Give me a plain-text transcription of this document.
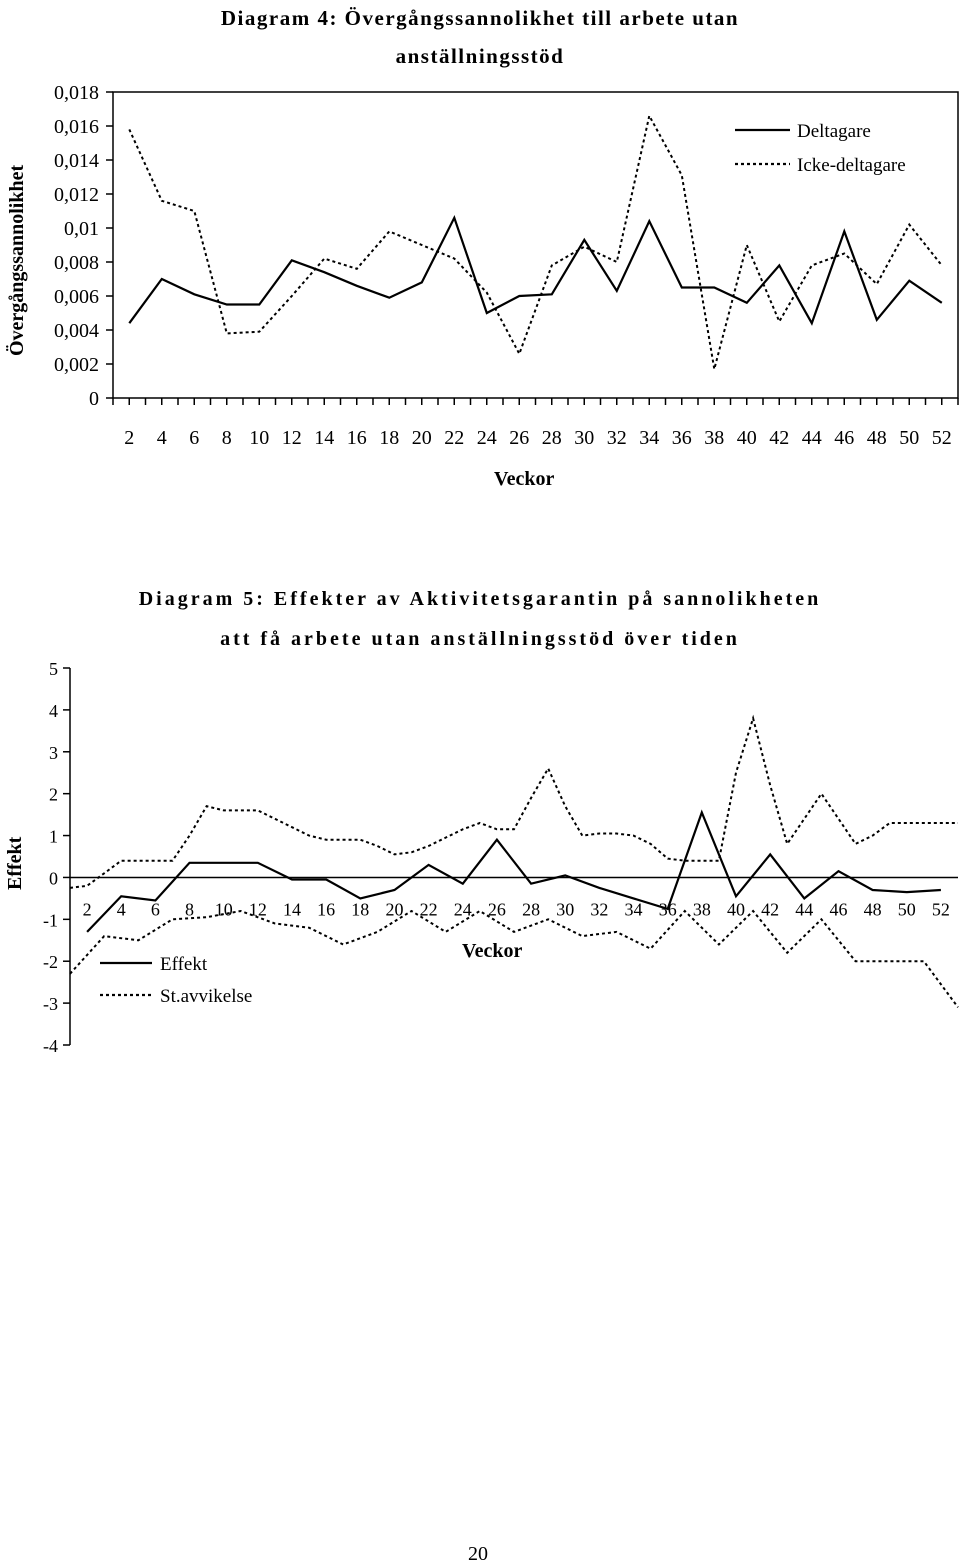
Diagram 4: Övergångssannolikhet till arbete utan
anställningsstöd
Övergångssannolikhet
Veckor
Diagram 5: Effekter av Aktivitetsgarantin på sannolikheten
att få arbete utan anställningsstöd över tiden
Effekt
Veckor
0
0,002
0,004
0,006
0,008
0,01
0,012
0,014
0,016
0,018
2 4 6 8 10 12 14 16 18 20 22 24 26 28 30 32 34 36 38 40 42 44 46 48 50 52
Deltagare
Icke-deltagare
-4
-3
-2
-1
0
1
2
3
4
5
2 4 6 8 10 12 14 16 18 20 22 24 26 28 30 32 34 36 38 40 42 44 46 48 50 52
Effekt
St.avvikelse
20
